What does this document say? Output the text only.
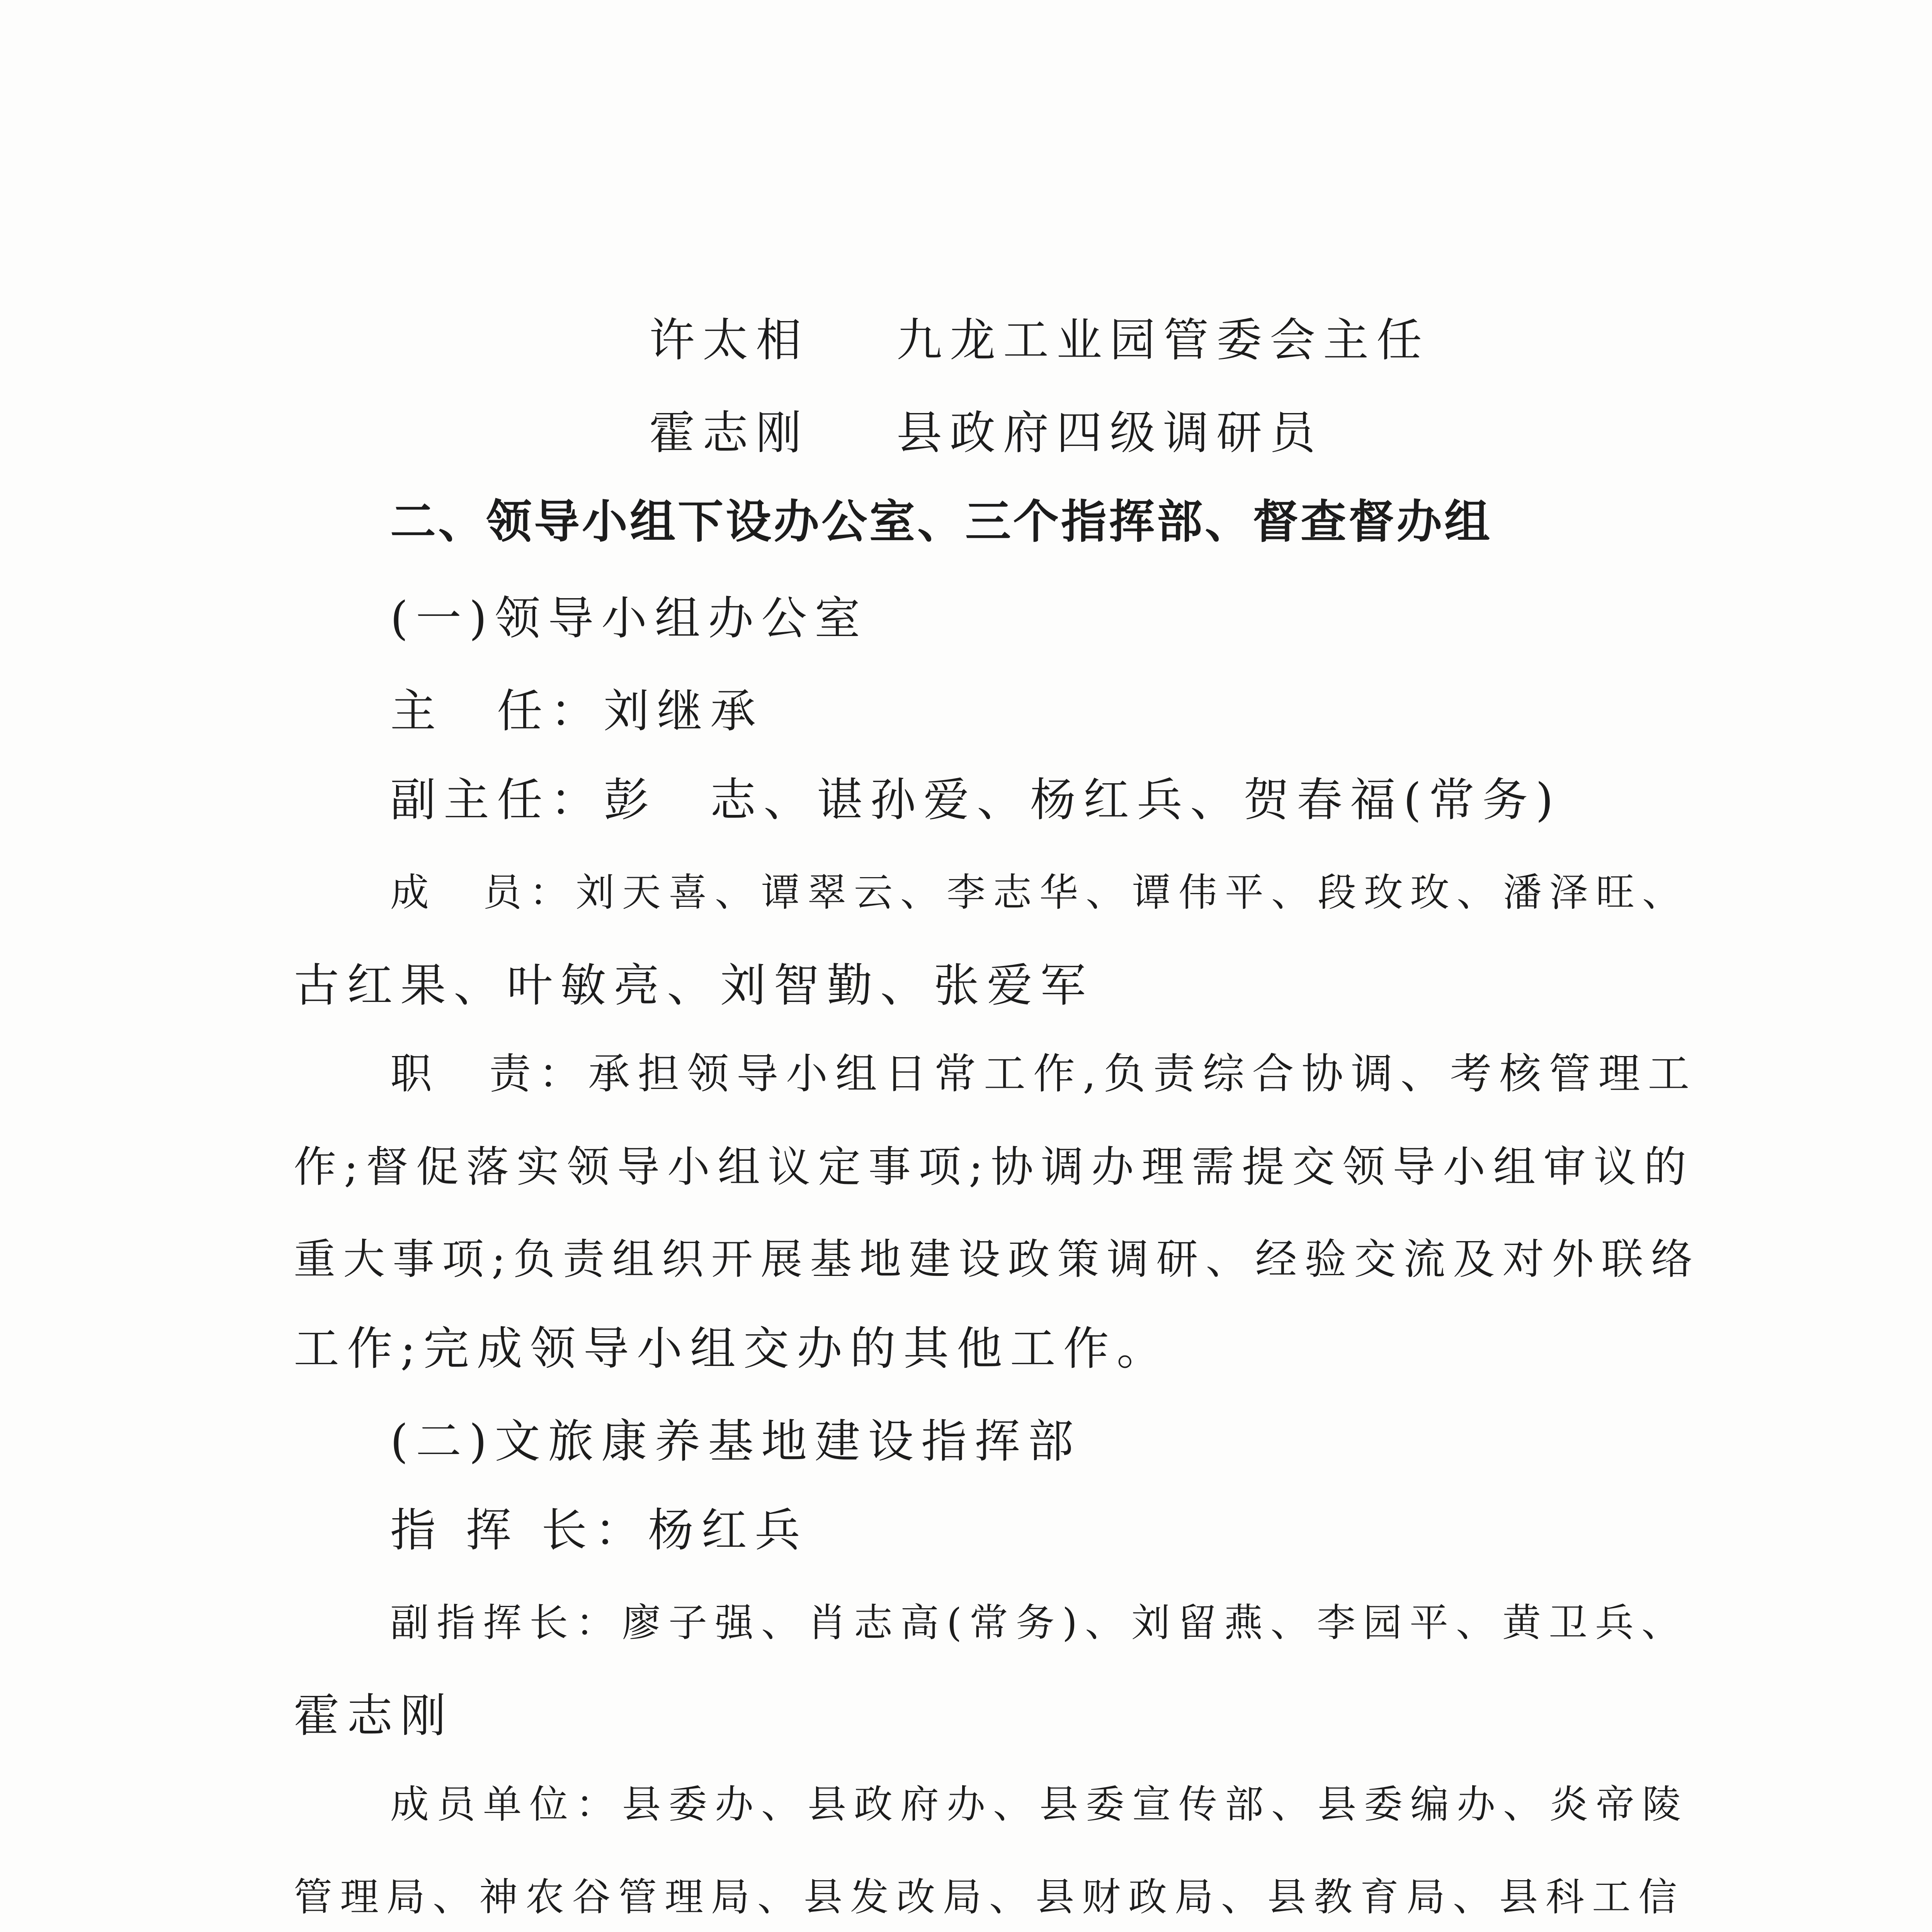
许太相 九龙工业园管委会主任
霍志刚 县政府四级调研员
二、领导小组下设办公室、三个指挥部、督查督办组
(一)领导小组办公室
主　任：刘继承
副主任：彭　志、谌孙爱、杨红兵、贺春福(常务)
成　员：刘天喜、谭翠云、李志华、谭伟平、段玫玫、潘泽旺、
古红果、叶敏亮、刘智勤、张爱军
职　责：承担领导小组日常工作,负责综合协调、考核管理工
作;督促落实领导小组议定事项;协调办理需提交领导小组审议的
重大事项;负责组织开展基地建设政策调研、经验交流及对外联络
工作;完成领导小组交办的其他工作。
(二)文旅康养基地建设指挥部
指 挥 长：杨红兵
副指挥长：廖子强、肖志高(常务)、刘留燕、李园平、黄卫兵、
霍志刚
成员单位：县委办、县政府办、县委宣传部、县委编办、炎帝陵
管理局、神农谷管理局、县发改局、县财政局、县教育局、县科工信
